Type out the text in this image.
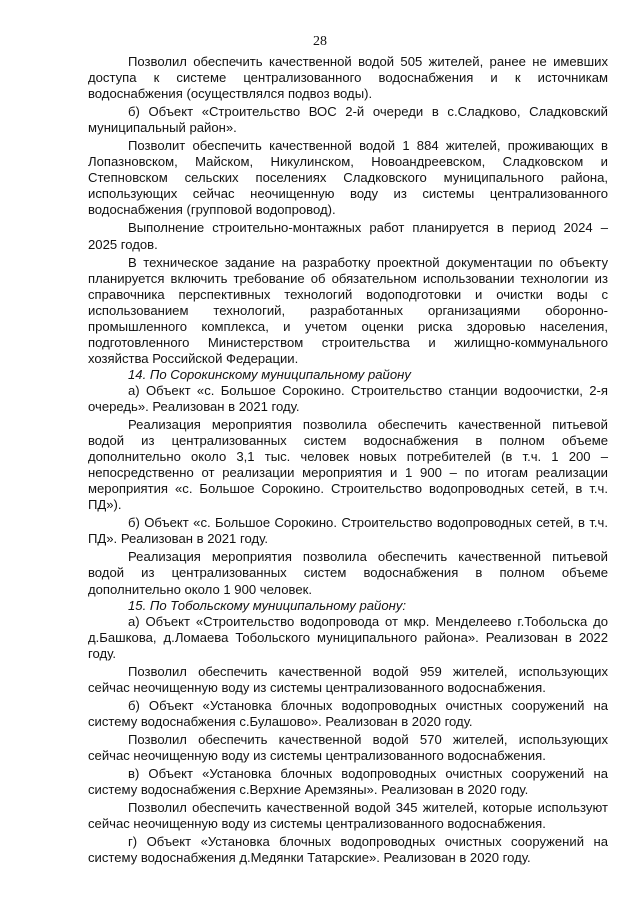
28

Позволил обеспечить качественной водой 505 жителей, ранее не имевших доступа к системе централизованного водоснабжения и к источникам водоснабжения (осуществлялся подвоз воды).

б) Объект «Строительство ВОС 2-й очереди в с.Сладково, Сладковский муниципальный район».

Позволит обеспечить качественной водой 1 884 жителей, проживающих в Лопазновском, Майском, Никулинском, Новоандреевском, Сладковском и Степновском сельских поселениях Сладковского муниципального района, использующих сейчас неочищенную воду из системы централизованного водоснабжения (групповой водопровод).

Выполнение строительно-монтажных работ планируется в период 2024 – 2025 годов.

В техническое задание на разработку проектной документации по объекту планируется включить требование об обязательном использовании технологии из справочника перспективных технологий водоподготовки и очистки воды с использованием технологий, разработанных организациями оборонно-промышленного комплекса, и учетом оценки риска здоровью населения, подготовленного Министерством строительства и жилищно-коммунального хозяйства Российской Федерации.

14. По Сорокинскому муниципальному району

а) Объект «с. Большое Сорокино. Строительство станции водоочистки, 2-я очередь». Реализован в 2021 году.

Реализация мероприятия позволила обеспечить качественной питьевой водой из централизованных систем водоснабжения в полном объеме дополнительно около 3,1 тыс. человек новых потребителей (в т.ч. 1 200 – непосредственно от реализации мероприятия и 1 900 – по итогам реализации мероприятия «с. Большое Сорокино. Строительство водопроводных сетей, в т.ч. ПД»).

б) Объект «с. Большое Сорокино. Строительство водопроводных сетей, в т.ч. ПД». Реализован в 2021 году.

Реализация мероприятия позволила обеспечить качественной питьевой водой из централизованных систем водоснабжения в полном объеме дополнительно около 1 900 человек.

15. По Тобольскому муниципальному району:

а) Объект «Строительство водопровода от мкр. Менделеево г.Тобольска до д.Башкова, д.Ломаева Тобольского муниципального района». Реализован в 2022 году.

Позволил обеспечить качественной водой 959 жителей, использующих сейчас неочищенную воду из системы централизованного водоснабжения.

б) Объект «Установка блочных водопроводных очистных сооружений на систему водоснабжения с.Булашово». Реализован в 2020 году.

Позволил обеспечить качественной водой 570 жителей, использующих сейчас неочищенную воду из системы централизованного водоснабжения.

в) Объект «Установка блочных водопроводных очистных сооружений на систему водоснабжения с.Верхние Аремзяны». Реализован в 2020 году.

Позволил обеспечить качественной водой 345 жителей, которые используют сейчас неочищенную воду из системы централизованного водоснабжения.

г) Объект «Установка блочных водопроводных очистных сооружений на систему водоснабжения д.Медянки Татарские». Реализован в 2020 году.
